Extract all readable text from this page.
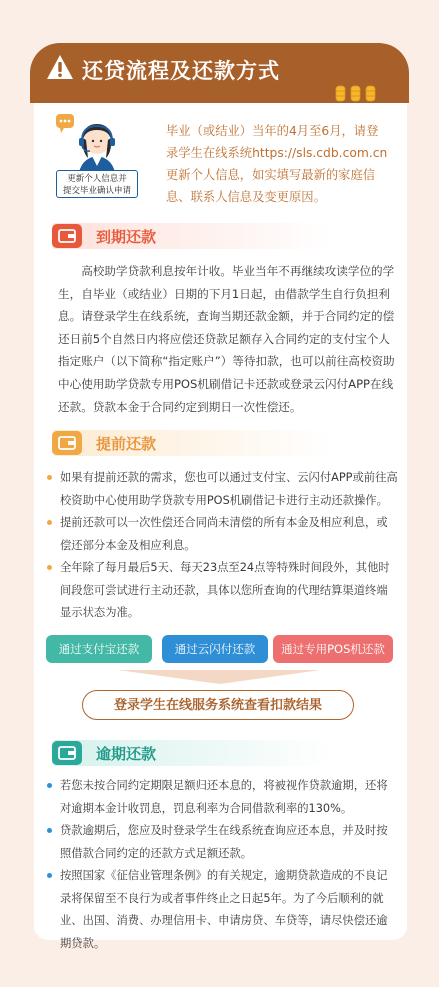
还贷流程及还款方式
更新个人信息并
提交毕业确认申请
毕业（或结业）当年的4月至6月，请登录学生在线系统https://sls.cdb.com.cn更新个人信息，如实填写最新的家庭信息、联系人信息及变更原因。
到期还款
高校助学贷款利息按年计收。毕业当年不再继续攻读学位的学生，自毕业（或结业）日期的下月1日起，由借款学生自行负担利息。请登录学生在线系统，查询当期还款金额，并于合同约定的偿还日前5个自然日内将应偿还贷款足额存入合同约定的支付宝个人指定账户（以下简称“指定账户”）等待扣款，也可以前往高校资助中心使用助学贷款专用POS机刷借记卡还款或登录云闪付APP在线还款。贷款本金于合同约定到期日一次性偿还。
提前还款
如果有提前还款的需求，您也可以通过支付宝、云闪付APP或前往高校资助中心使用助学贷款专用POS机刷借记卡进行主动还款操作。
提前还款可以一次性偿还合同尚未清偿的所有本金及相应利息，或偿还部分本金及相应利息。
全年除了每月最后5天、每天23点至24点等特殊时间段外，其他时间段您可尝试进行主动还款，具体以您所查询的代理结算渠道终端显示状态为准。
通过支付宝还款	通过云闪付还款	通过专用POS机还款
登录学生在线服务系统查看扣款结果
逾期还款
若您未按合同约定期限足额归还本息的，将被视作贷款逾期，还将对逾期本金计收罚息，罚息利率为合同借款利率的130%。
贷款逾期后，您应及时登录学生在线系统查询应还本息，并及时按照借款合同约定的还款方式足额还款。
按照国家《征信业管理条例》的有关规定，逾期贷款造成的不良记录将保留至不良行为或者事件终止之日起5年。为了今后顺利的就业、出国、消费、办理信用卡、申请房贷、车贷等，请尽快偿还逾期贷款。
